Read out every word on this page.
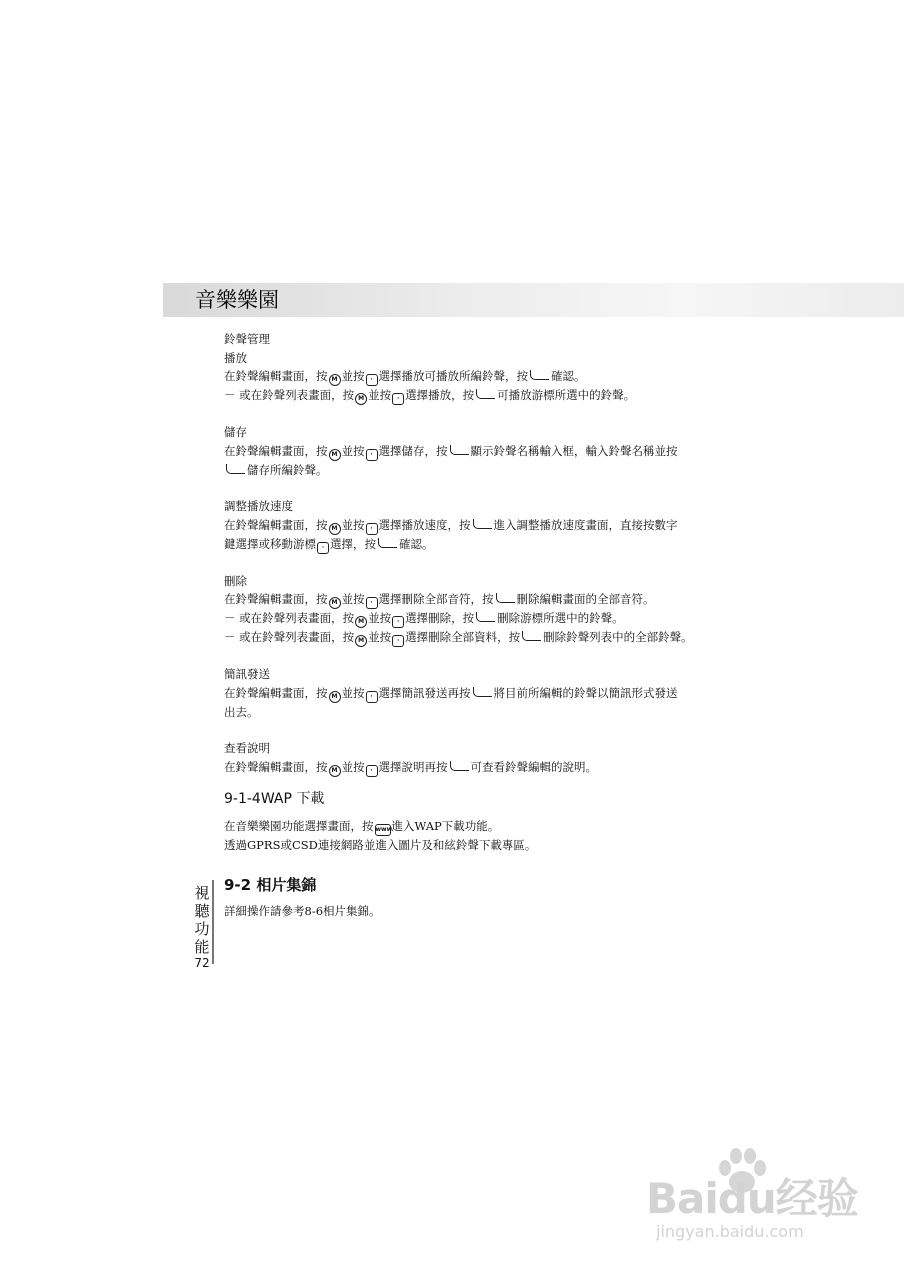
音樂樂園
鈴聲管理
播放
在鈴聲編輯畫面，按 M 並按 · 選擇播放可播放所編鈴聲，按 確認。
－ 或在鈴聲列表畫面，按 M 並按 · 選擇播放，按 可播放游標所選中的鈴聲。
儲存
在鈴聲編輯畫面，按 M 並按 · 選擇儲存，按 顯示鈴聲名稱輸入框，輸入鈴聲名稱並按
儲存所編鈴聲。
調整播放速度
在鈴聲編輯畫面，按 M 並按 · 選擇播放速度，按 進入調整播放速度畫面，直接按數字
鍵選擇或移動游標 · 選擇，按 確認。
刪除
在鈴聲編輯畫面，按 M 並按 · 選擇刪除全部音符，按 刪除編輯畫面的全部音符。
－ 或在鈴聲列表畫面，按 M 並按 · 選擇刪除，按 刪除游標所選中的鈴聲。
－ 或在鈴聲列表畫面，按 M 並按 · 選擇刪除全部資料，按 刪除鈴聲列表中的全部鈴聲。
簡訊發送
在鈴聲編輯畫面，按 M 並按 · 選擇簡訊發送再按 將目前所編輯的鈴聲以簡訊形式發送
出去。
查看說明
在鈴聲編輯畫面，按 M 並按 · 選擇說明再按 可查看鈴聲編輯的說明。
9-1-4WAP 下載
在音樂樂園功能選擇畫面，按 www進入WAP下載功能。
透過GPRS或CSD連接網路並進入圖片及和絃鈴聲下載專區。
9-2 相片集錦
詳細操作請參考8-6相片集錦。
視
聽
功
能
72
Baidu经验
jingyan.baidu.com
